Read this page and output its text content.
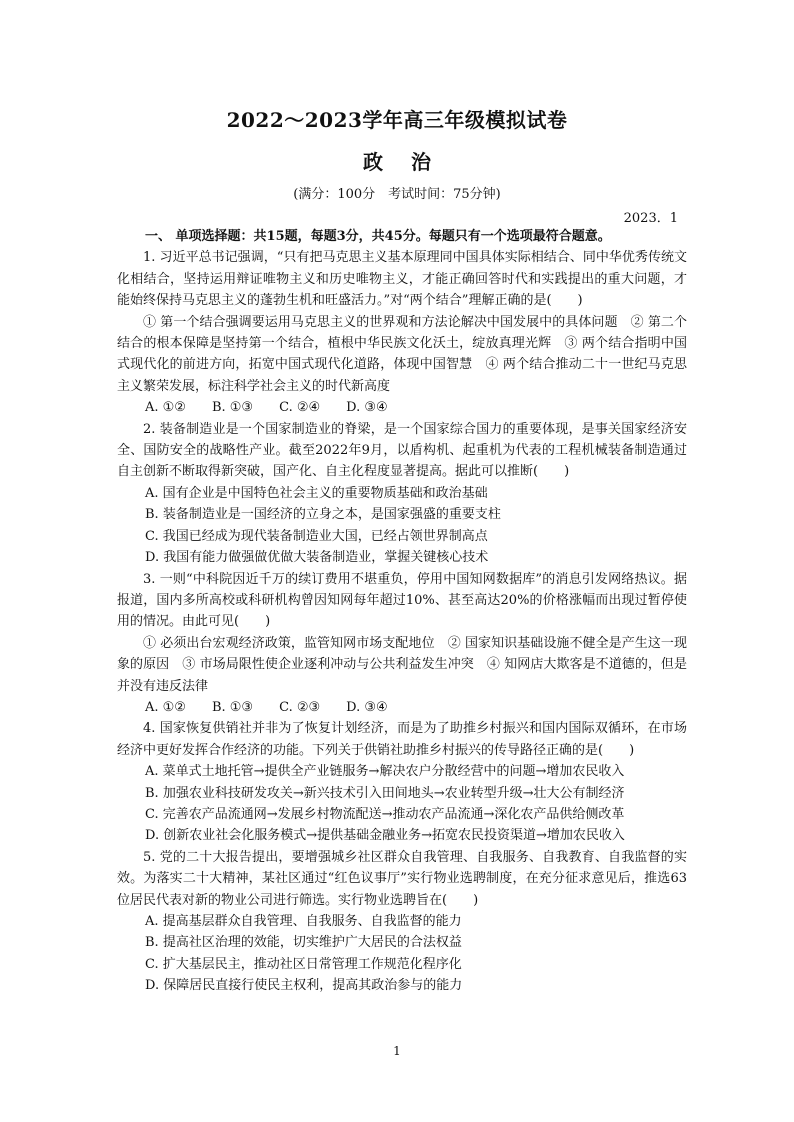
2022～2023学年高三年级模拟试卷
政治
(满分：100分　考试时间：75分钟)
2023．1

一、 单项选择题：共15题，每题3分，共45分。每题只有一个选项最符合题意。

1. 习近平总书记强调，“只有把马克思主义基本原理同中国具体实际相结合、同中华优秀传统文化相结合，坚持运用辩证唯物主义和历史唯物主义，才能正确回答时代和实践提出的重大问题，才能始终保持马克思主义的蓬勃生机和旺盛活力。”对“两个结合”理解正确的是(　　)

① 第一个结合强调要运用马克思主义的世界观和方法论解决中国发展中的具体问题　② 第二个结合的根本保障是坚持第一个结合，植根中华民族文化沃土，绽放真理光辉　③ 两个结合指明中国式现代化的前进方向，拓宽中国式现代化道路，体现中国智慧　④ 两个结合推动二十一世纪马克思主义繁荣发展，标注科学社会主义的时代新高度

A. ①②　　B. ①③　　C. ②④　　D. ③④

2. 装备制造业是一个国家制造业的脊梁，是一个国家综合国力的重要体现，是事关国家经济安全、国防安全的战略性产业。截至2022年9月，以盾构机、起重机为代表的工程机械装备制造通过自主创新不断取得新突破，国产化、自主化程度显著提高。据此可以推断(　　)

A. 国有企业是中国特色社会主义的重要物质基础和政治基础

B. 装备制造业是一国经济的立身之本，是国家强盛的重要支柱

C. 我国已经成为现代装备制造业大国，已经占领世界制高点

D. 我国有能力做强做优做大装备制造业，掌握关键核心技术

3. 一则“中科院因近千万的续订费用不堪重负，停用中国知网数据库”的消息引发网络热议。据报道，国内多所高校或科研机构曾因知网每年超过10%、甚至高达20%的价格涨幅而出现过暂停使用的情况。由此可见(　　)

① 必须出台宏观经济政策，监管知网市场支配地位　② 国家知识基础设施不健全是产生这一现象的原因　③ 市场局限性使企业逐利冲动与公共利益发生冲突　④ 知网店大欺客是不道德的，但是并没有违反法律

A. ①②　　B. ①③　　C. ②③　　D. ③④

4. 国家恢复供销社并非为了恢复计划经济，而是为了助推乡村振兴和国内国际双循环，在市场经济中更好发挥合作经济的功能。下列关于供销社助推乡村振兴的传导路径正确的是(　　)

A. 菜单式土地托管→提供全产业链服务→解决农户分散经营中的问题→增加农民收入

B. 加强农业科技研发攻关→新兴技术引入田间地头→农业转型升级→壮大公有制经济

C. 完善农产品流通网→发展乡村物流配送→推动农产品流通→深化农产品供给侧改革

D. 创新农业社会化服务模式→提供基础金融业务→拓宽农民投资渠道→增加农民收入

5. 党的二十大报告提出，要增强城乡社区群众自我管理、自我服务、自我教育、自我监督的实效。为落实二十大精神，某社区通过“红色议事厅”实行物业选聘制度，在充分征求意见后，推选63位居民代表对新的物业公司进行筛选。实行物业选聘旨在(　　)

A. 提高基层群众自我管理、自我服务、自我监督的能力

B. 提高社区治理的效能，切实维护广大居民的合法权益

C. 扩大基层民主，推动社区日常管理工作规范化程序化

D. 保障居民直接行使民主权利，提高其政治参与的能力

1
